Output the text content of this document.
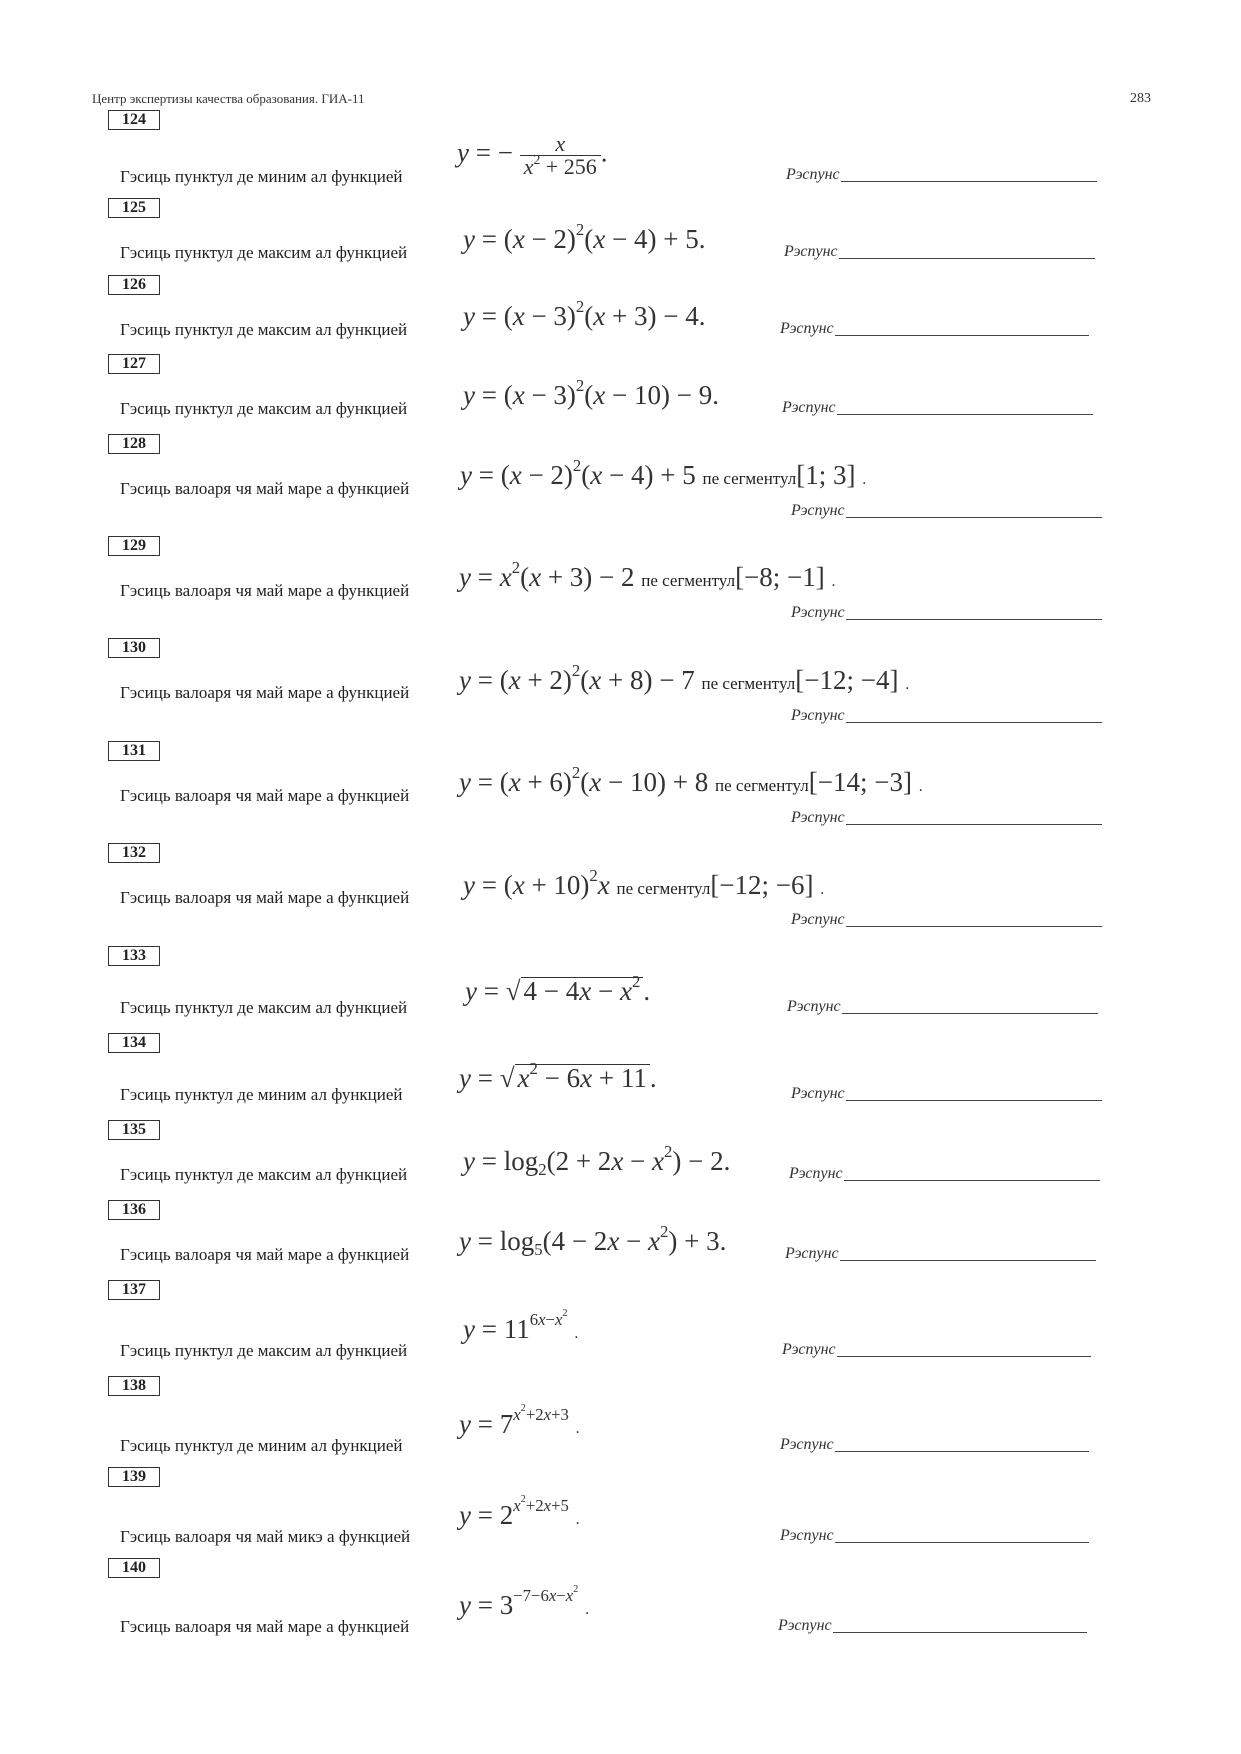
Центр экспертизы качества образования. ГИА-11	283
124
Гэсиць пунктул де миним ал функцией
y = − $\frac{x}{x^2 + 256}$ .
Рэспунс
125
Гэсиць пунктул де максим ал функцией $y = (x - 2)^2(x - 4) + 5$.	Рэспунс
126
Гэсиць пунктул де максим ал функцией $y = (x - 3)^2(x + 3) - 4$.	Рэспунс
127
Гэсиць пунктул де максим ал функцией $y = (x - 3)^2(x - 10) - 9$.	Рэспунс
128
Гэсиць валоаря чя май маре а функцией $y = (x - 2)^2(x - 4) + 5$ пе сегментул[1; 3] .
Рэспунс
129
Гэсиць валоаря чя май маре а функцией $y = x^2(x + 3) - 2$ пе сегментул[−8; −1] .
Рэспунс
130
Гэсиць валоаря чя май маре а функцией $y = (x + 2)^2(x + 8) - 7$ пе сегментул[−12; −4] .
Рэспунс
131
Гэсиць валоаря чя май маре а функцией $y = (x + 6)^2(x - 10) + 8$ пе сегментул[−14; −3] .
Рэспунс
132
Гэсиць валоаря чя май маре а функцией $y = (x + 10)^2x$ пе сегментул[−12; −6] .
Рэспунс
133
Гэсиць пунктул де максим ал функцией
y = √ $4 - 4x - x^2$ .
Рэспунс
134
Гэсиць пунктул де миним ал функцией
y = √ $x^2 - 6x + 11$ .
Рэспунс
135
Гэсиць пунктул де максим ал функцией $y = \log_2(2 + 2x - x^2) - 2$.	Рэспунс
136
Гэсиць валоаря чя май маре а функцией $y = \log_5(4 - 2x - x^2) + 3$.	Рэспунс
137
Гэсиць пунктул де максим ал функцией
$y = 11^{6x-x^2}$ .
Рэспунс
138
Гэсиць пунктул де миним ал функцией
$y = 7^{x^2+2x+3}$ .
Рэспунс
139
Гэсиць валоаря чя май микэ а функцией
$y = 2^{x^2+2x+5}$ .
Рэспунс
140
Гэсиць валоаря чя май маре а функцией
$y = 3^{-7-6x-x^2}$ .
Рэспунс
